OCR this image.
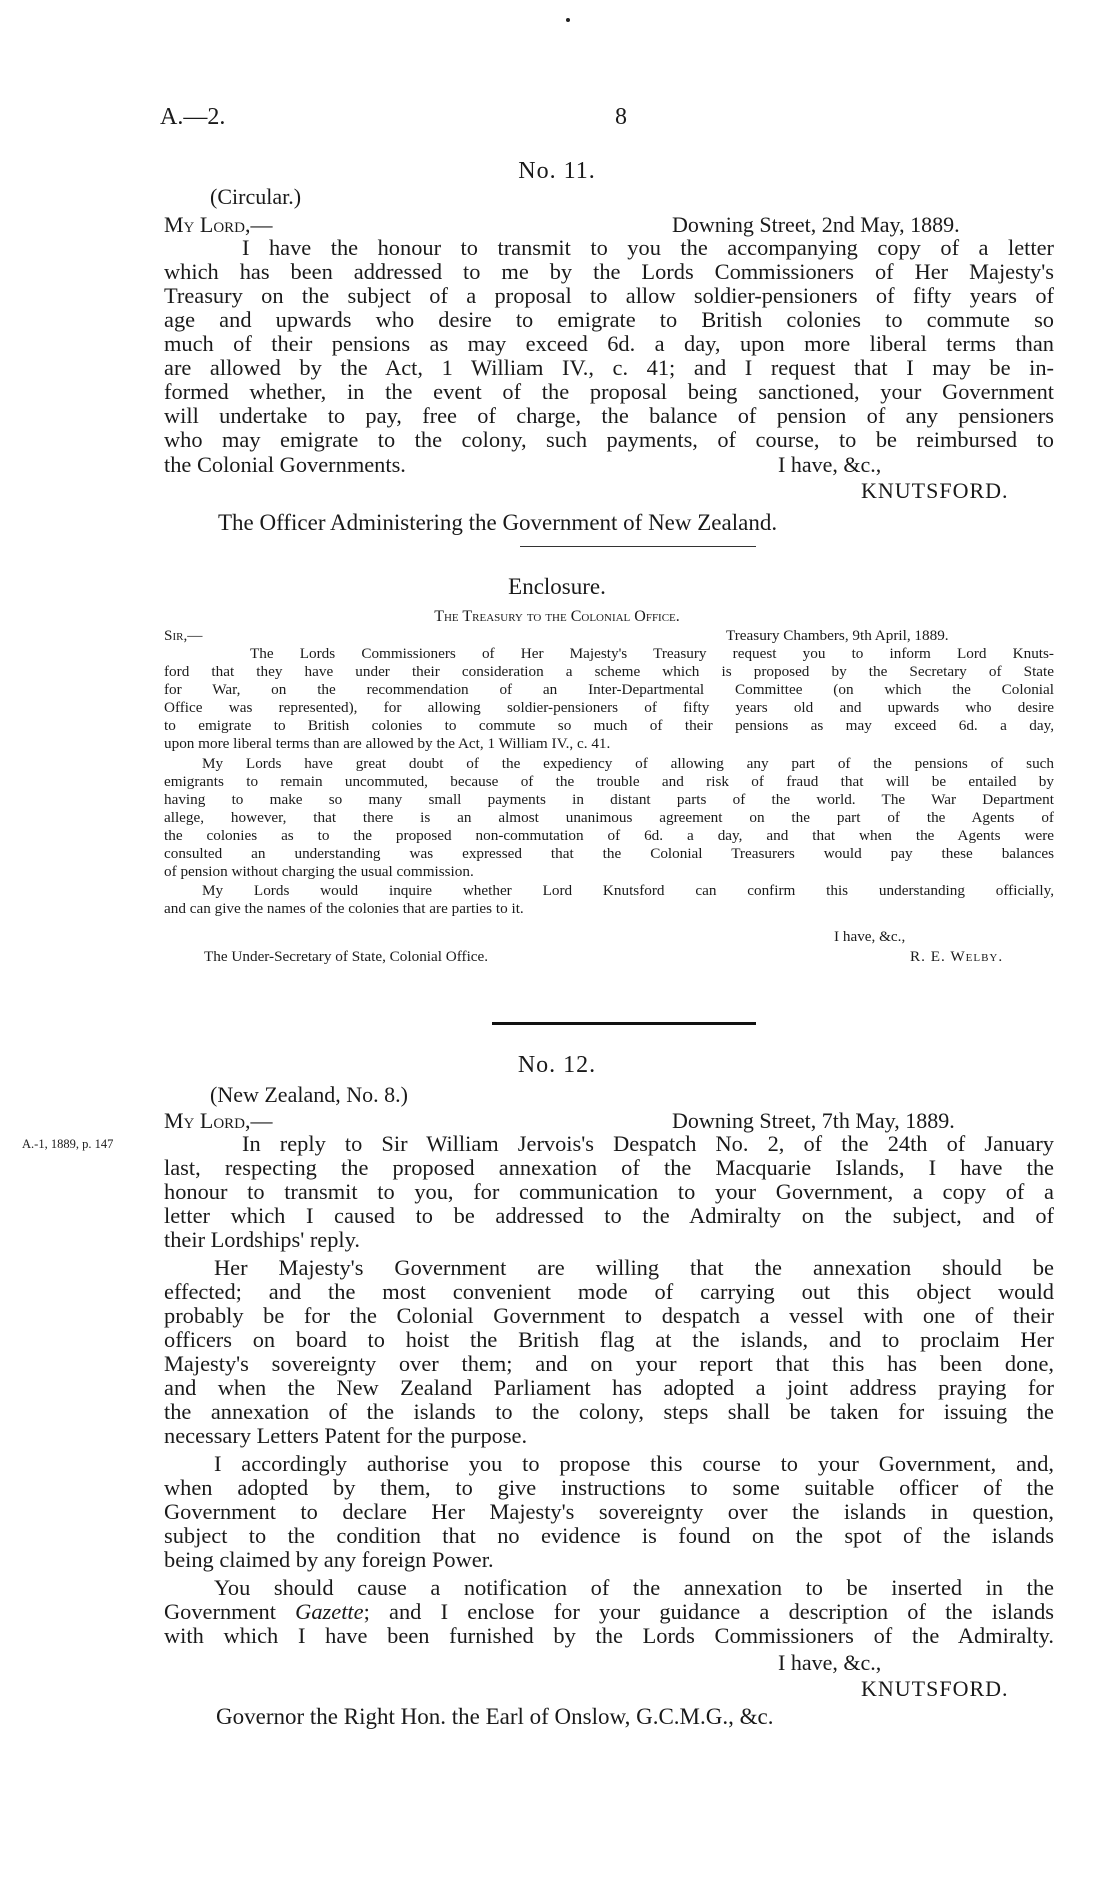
A.—2.	8
No. 11.
(Circular.)
My Lord,—	Downing Street, 2nd May, 1889.

I have the honour to transmit to you the accompanying copy of a letter

which has been addressed to me by the Lords Commissioners of Her Majesty's

Treasury on the subject of a proposal to allow soldier-pensioners of fifty years of

age and upwards who desire to emigrate to British colonies to commute so

much of their pensions as may exceed 6d. a day, upon more liberal terms than

are allowed by the Act, 1 William IV., c. 41; and I request that I may be in-

formed whether, in the event of the proposal being sanctioned, your Government

will undertake to pay, free of charge, the balance of pension of any pensioners

who may emigrate to the colony, such payments, of course, to be reimbursed to

the Colonial Governments.	I have, &c.,
KNUTSFORD.
The Officer Administering the Government of New Zealand.
Enclosure.
The Treasury to the Colonial Office.
Sir,—	Treasury Chambers, 9th April, 1889.

The Lords Commissioners of Her Majesty's Treasury request you to inform Lord Knuts-

ford that they have under their consideration a scheme which is proposed by the Secretary of State

for War, on the recommendation of an Inter-Departmental Committee (on which the Colonial

Office was represented), for allowing soldier-pensioners of fifty years old and upwards who desire

to emigrate to British colonies to commute so much of their pensions as may exceed 6d. a day,

upon more liberal terms than are allowed by the Act, 1 William IV., c. 41.

My Lords have great doubt of the expediency of allowing any part of the pensions of such

emigrants to remain uncommuted, because of the trouble and risk of fraud that will be entailed by

having to make so many small payments in distant parts of the world. The War Department

allege, however, that there is an almost unanimous agreement on the part of the Agents of

the colonies as to the proposed non-commutation of 6d. a day, and that when the Agents were

consulted an understanding was expressed that the Colonial Treasurers would pay these balances

of pension without charging the usual commission.

My Lords would inquire whether Lord Knutsford can confirm this understanding officially,

and can give the names of the colonies that are parties to it.

I have, &c.,
The Under-Secretary of State, Colonial Office.	R. E. Welby.
No. 12.
(New Zealand, No. 8.)
My Lord,—	Downing Street, 7th May, 1889.
A.-1, 1889, p. 147	In reply to Sir William Jervois's Despatch No. 2, of the 24th of January

last, respecting the proposed annexation of the Macquarie Islands, I have the

honour to transmit to you, for communication to your Government, a copy of a

letter which I caused to be addressed to the Admiralty on the subject, and of

their Lordships' reply.

Her Majesty's Government are willing that the annexation should be

effected; and the most convenient mode of carrying out this object would

probably be for the Colonial Government to despatch a vessel with one of their

officers on board to hoist the British flag at the islands, and to proclaim Her

Majesty's sovereignty over them; and on your report that this has been done,

and when the New Zealand Parliament has adopted a joint address praying for

the annexation of the islands to the colony, steps shall be taken for issuing the

necessary Letters Patent for the purpose.

I accordingly authorise you to propose this course to your Government, and,

when adopted by them, to give instructions to some suitable officer of the

Government to declare Her Majesty's sovereignty over the islands in question,

subject to the condition that no evidence is found on the spot of the islands

being claimed by any foreign Power.

You should cause a notification of the annexation to be inserted in the

Government Gazette; and I enclose for your guidance a description of the islands

with which I have been furnished by the Lords Commissioners of the Admiralty.

I have, &c.,
KNUTSFORD.
Governor the Right Hon. the Earl of Onslow, G.C.M.G., &c.
